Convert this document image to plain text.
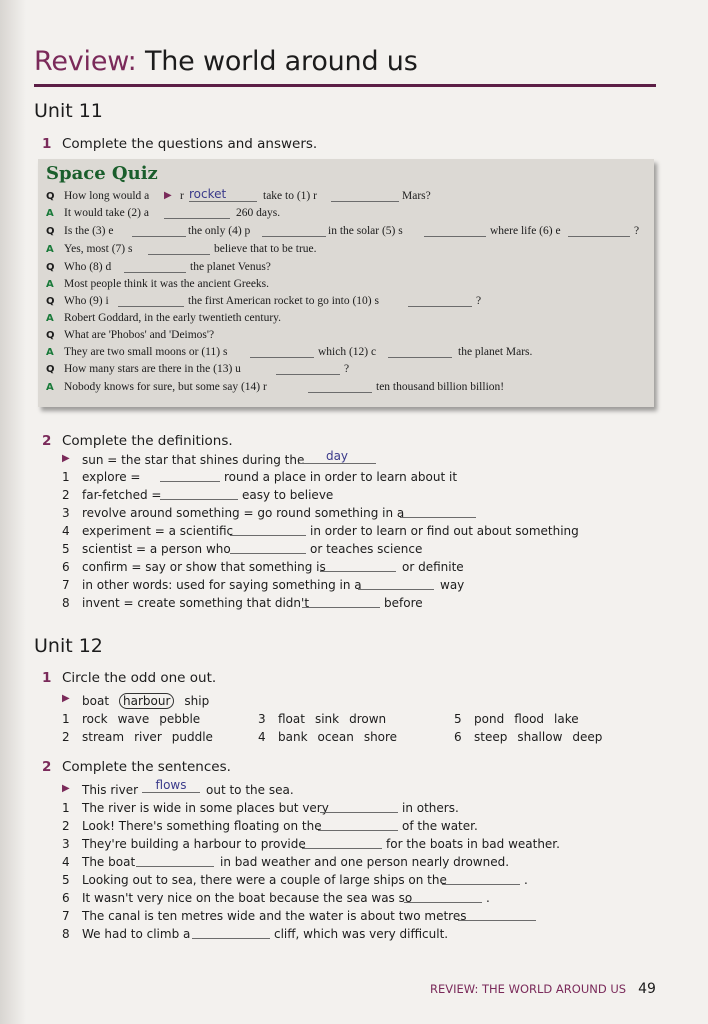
Review: The world around us
Unit 11
1 Complete the questions and answers.
Space Quiz
Q How long would a ▶ r rocket	take to (1) r	Mars?
A It would take (2) a	260 days.
Q Is the (3) e	the only (4) p	in the solar (5) s	where life (6) e	?
A Yes, most (7) s	believe that to be true.
Q Who (8) d	the planet Venus?
A Most people think it was the ancient Greeks.
Q Who (9) i	the first American rocket to go into (10) s	?
A Robert Goddard, in the early twentieth century.
Q What are 'Phobos' and 'Deimos'?
A They are two small moons or (11) s	which (12) c	the planet Mars.
Q How many stars are there in the (13) u	?
A Nobody knows for sure, but some say (14) r	ten thousand billion billion!
2 Complete the definitions.
▶	sun = the star that shines during the	day
1	explore =	round a place in order to learn about it
2	far-fetched =	easy to believe
3	revolve around something = go round something in a
4	experiment = a scientific	in order to learn or find out about something
5	scientist = a person who	or teaches science
6	confirm = say or show that something is	or definite
7	in other words: used for saying something in a	way
8	invent = create something that didn't	before
Unit 12
1 Circle the odd one out.
▶	boat harbour ship
1	rock wave pebble
2	stream river puddle
3	float sink drown
4	bank ocean shore
5	pond flood lake
6	steep shallow deep
2 Complete the sentences.
▶	This river	flows	out to the sea.
1	The river is wide in some places but very	in others.
2	Look! There's something floating on the	of the water.
3	They're building a harbour to provide	for the boats in bad weather.
4	The boat	in bad weather and one person nearly drowned.
5	Looking out to sea, there were a couple of large ships on the	.
6	It wasn't very nice on the boat because the sea was so	.
7	The canal is ten metres wide and the water is about two metres
8	We had to climb a	cliff, which was very difficult.
REVIEW: THE WORLD AROUND US 49
